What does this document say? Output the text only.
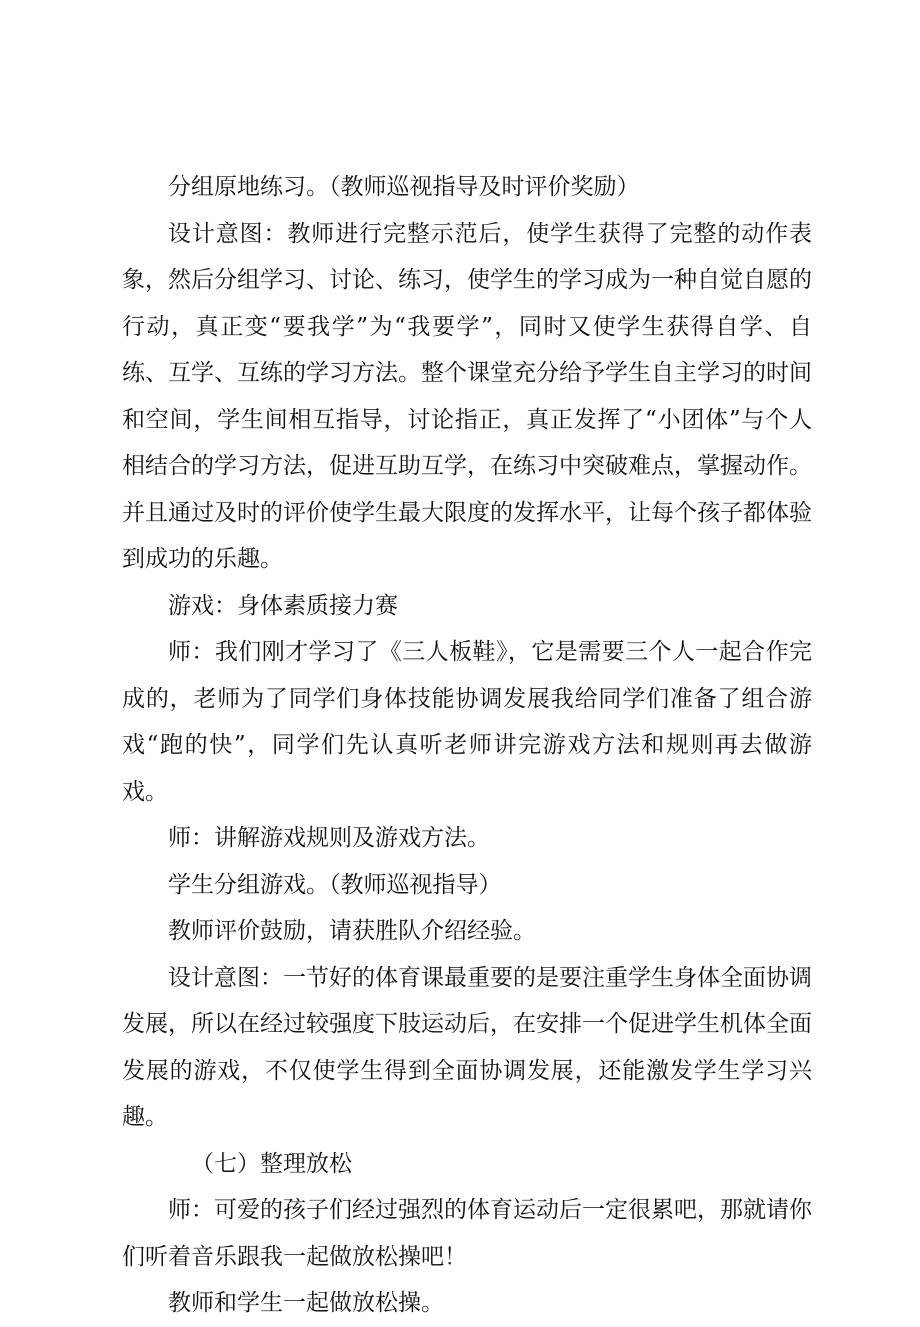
分组原地练习。（教师巡视指导及时评价奖励）

设计意图：教师进行完整示范后，使学生获得了完整的动作表象，然后分组学习、讨论、练习，使学生的学习成为一种自觉自愿的行动，真正变“要我学”为“我要学”，同时又使学生获得自学、自练、互学、互练的学习方法。整个课堂充分给予学生自主学习的时间和空间，学生间相互指导，讨论指正，真正发挥了“小团体”与个人相结合的学习方法，促进互助互学，在练习中突破难点，掌握动作。并且通过及时的评价使学生最大限度的发挥水平，让每个孩子都体验到成功的乐趣。

游戏：身体素质接力赛

师：我们刚才学习了《三人板鞋》，它是需要三个人一起合作完成的，老师为了同学们身体技能协调发展我给同学们准备了组合游戏“跑的快”，同学们先认真听老师讲完游戏方法和规则再去做游戏。

师：讲解游戏规则及游戏方法。

学生分组游戏。（教师巡视指导）

教师评价鼓励，请获胜队介绍经验。

设计意图：一节好的体育课最重要的是要注重学生身体全面协调发展，所以在经过较强度下肢运动后，在安排一个促进学生机体全面发展的游戏，不仅使学生得到全面协调发展，还能激发学生学习兴趣。

（七）整理放松

师：可爱的孩子们经过强烈的体育运动后一定很累吧，那就请你们听着音乐跟我一起做放松操吧！

教师和学生一起做放松操。
